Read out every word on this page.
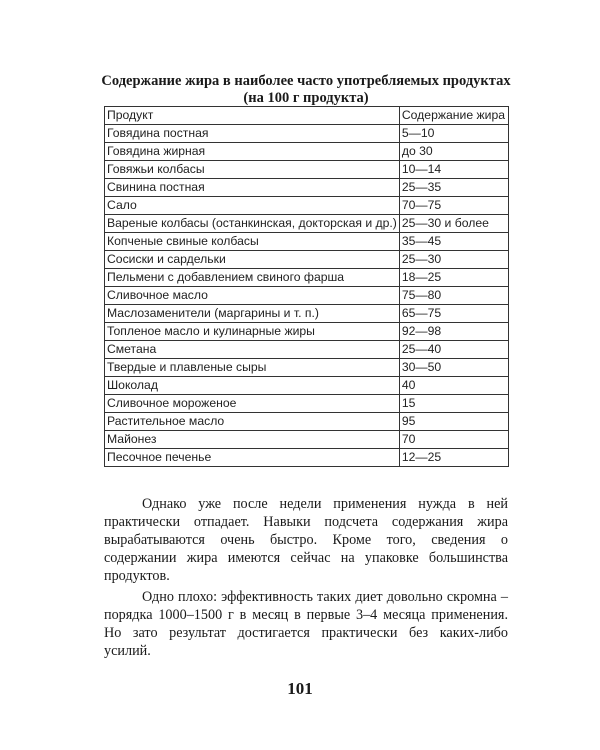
Содержание жира в наиболее часто употребляемых продуктах (на 100 г продукта)
Продукт	Содержание жира
Говядина постная	5—10
Говядина жирная	до 30
Говяжьи колбасы	10—14
Свинина постная	25—35
Сало	70—75
Вареные колбасы (останкинская, докторская и др.)	25—30 и более
Копченые свиные колбасы	35—45
Сосиски и сардельки	25—30
Пельмени с добавлением свиного фарша	18—25
Сливочное масло	75—80
Маслозаменители (маргарины и т. п.)	65—75
Топленое масло и кулинарные жиры	92—98
Сметана	25—40
Твердые и плавленые сыры	30—50
Шоколад	40
Сливочное мороженое	15
Растительное масло	95
Майонез	70
Песочное печенье	12—25

Однако уже после недели применения нужда в ней практически отпадает. Навыки подсчета содержания жира вырабатываются очень быстро. Кроме того, сведения о содержании жира имеются сейчас на упаковке большинства продуктов.

Одно плохо: эффективность таких диет довольно скромна – порядка 1000–1500 г в месяц в первые 3–4 месяца применения. Но зато результат достигается практически без каких-либо усилий.

101
